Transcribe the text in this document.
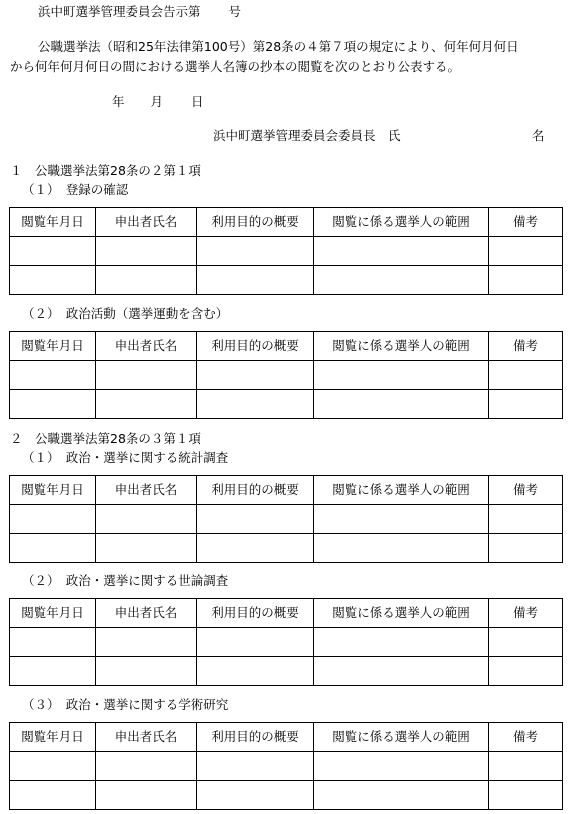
浜中町選挙管理委員会告示第 号
公職選挙法（昭和25年法律第100号）第28条の４第７項の規定により、何年何月何日
から何年何月何日の間における選挙人名簿の抄本の閲覧を次のとおり公表する。
年 月 日
浜中町選挙管理委員会委員長　氏	名
１　公職選挙法第28条の２第１項
（１）　登録の確認
閲覧年月日	申出者氏名	利用目的の概要	閲覧に係る選挙人の範囲	備考

（２）　政治活動（選挙運動を含む）
閲覧年月日	申出者氏名	利用目的の概要	閲覧に係る選挙人の範囲	備考

２　公職選挙法第28条の３第１項
（１）　政治・選挙に関する統計調査
閲覧年月日	申出者氏名	利用目的の概要	閲覧に係る選挙人の範囲	備考

（２）　政治・選挙に関する世論調査
閲覧年月日	申出者氏名	利用目的の概要	閲覧に係る選挙人の範囲	備考

（３）　政治・選挙に関する学術研究
閲覧年月日	申出者氏名	利用目的の概要	閲覧に係る選挙人の範囲	備考
